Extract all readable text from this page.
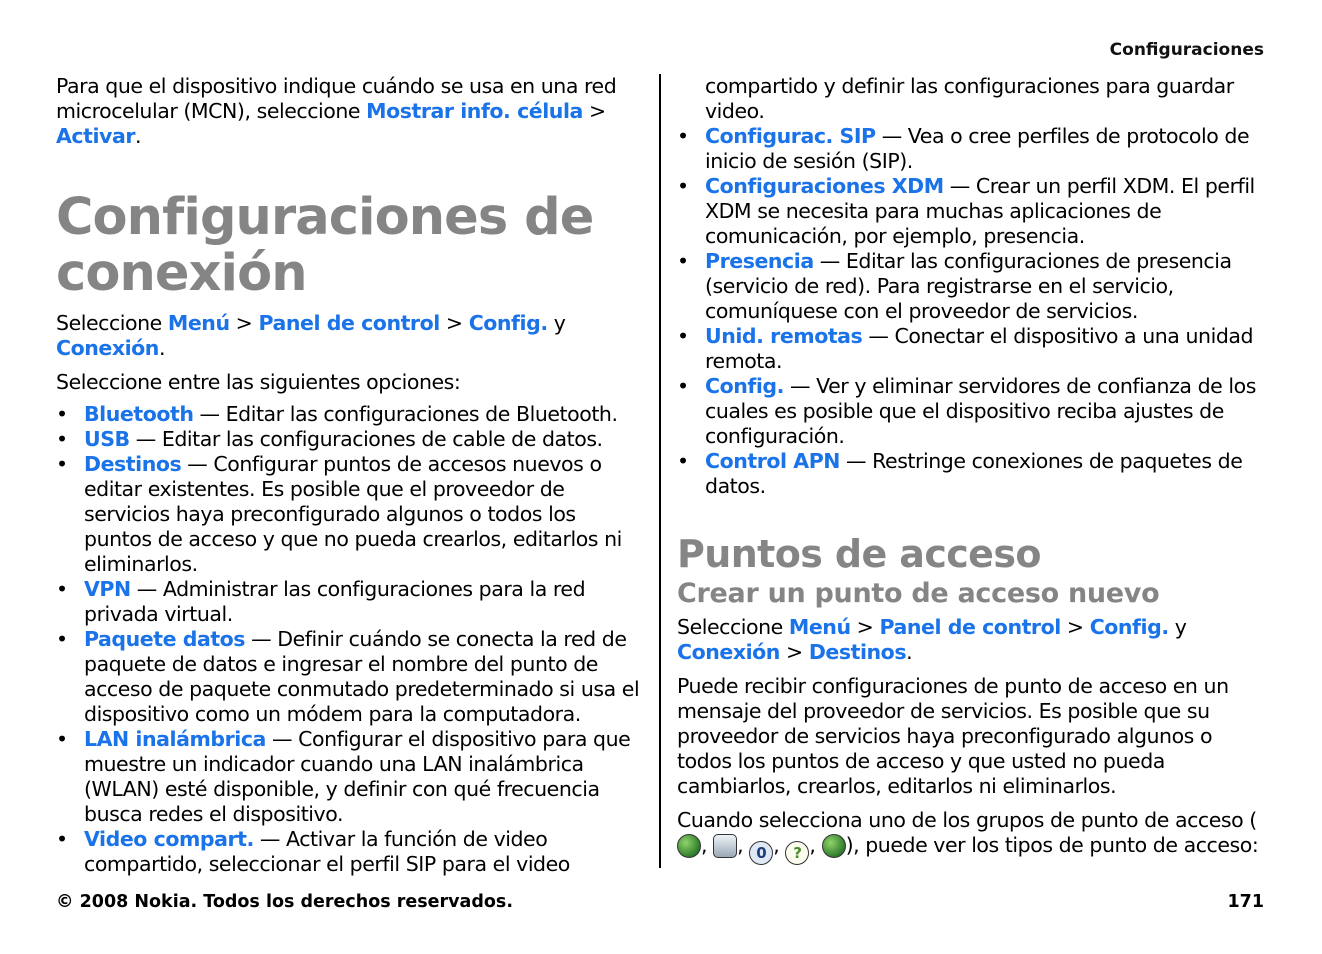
Configuraciones

Para que el dispositivo indique cuándo se usa en una red microcelular (MCN), seleccione Mostrar info. célula > Activar.

Configuraciones de conexión

Seleccione Menú > Panel de control > Config. y Conexión.

Seleccione entre las siguientes opciones:

• Bluetooth — Editar las configuraciones de Bluetooth.
• USB — Editar las configuraciones de cable de datos.
• Destinos — Configurar puntos de accesos nuevos o editar existentes. Es posible que el proveedor de servicios haya preconfigurado algunos o todos los puntos de acceso y que no pueda crearlos, editarlos ni eliminarlos.
• VPN — Administrar las configuraciones para la red privada virtual.
• Paquete datos — Definir cuándo se conecta la red de paquete de datos e ingresar el nombre del punto de acceso de paquete conmutado predeterminado si usa el dispositivo como un módem para la computadora.
• LAN inalámbrica — Configurar el dispositivo para que muestre un indicador cuando una LAN inalámbrica (WLAN) esté disponible, y definir con qué frecuencia busca redes el dispositivo.
• Video compart. — Activar la función de video compartido, seleccionar el perfil SIP para el video

compartido y definir las configuraciones para guardar video.

• Configurac. SIP — Vea o cree perfiles de protocolo de inicio de sesión (SIP).
• Configuraciones XDM — Crear un perfil XDM. El perfil XDM se necesita para muchas aplicaciones de comunicación, por ejemplo, presencia.
• Presencia — Editar las configuraciones de presencia (servicio de red). Para registrarse en el servicio, comuníquese con el proveedor de servicios.
• Unid. remotas — Conectar el dispositivo a una unidad remota.
• Config. — Ver y eliminar servidores de confianza de los cuales es posible que el dispositivo reciba ajustes de configuración.
• Control APN — Restringe conexiones de paquetes de datos.
Puntos de acceso
Crear un punto de acceso nuevo

Seleccione Menú > Panel de control > Config. y Conexión > Destinos.

Puede recibir configuraciones de punto de acceso en un mensaje del proveedor de servicios. Es posible que su proveedor de servicios haya preconfigurado algunos o todos los puntos de acceso y que usted no pueda cambiarlos, crearlos, editarlos ni eliminarlos.

Cuando selecciona uno de los grupos de punto de acceso (, , 0 , ? , ), puede ver los tipos de punto de acceso:

© 2008 Nokia. Todos los derechos reservados.	171
